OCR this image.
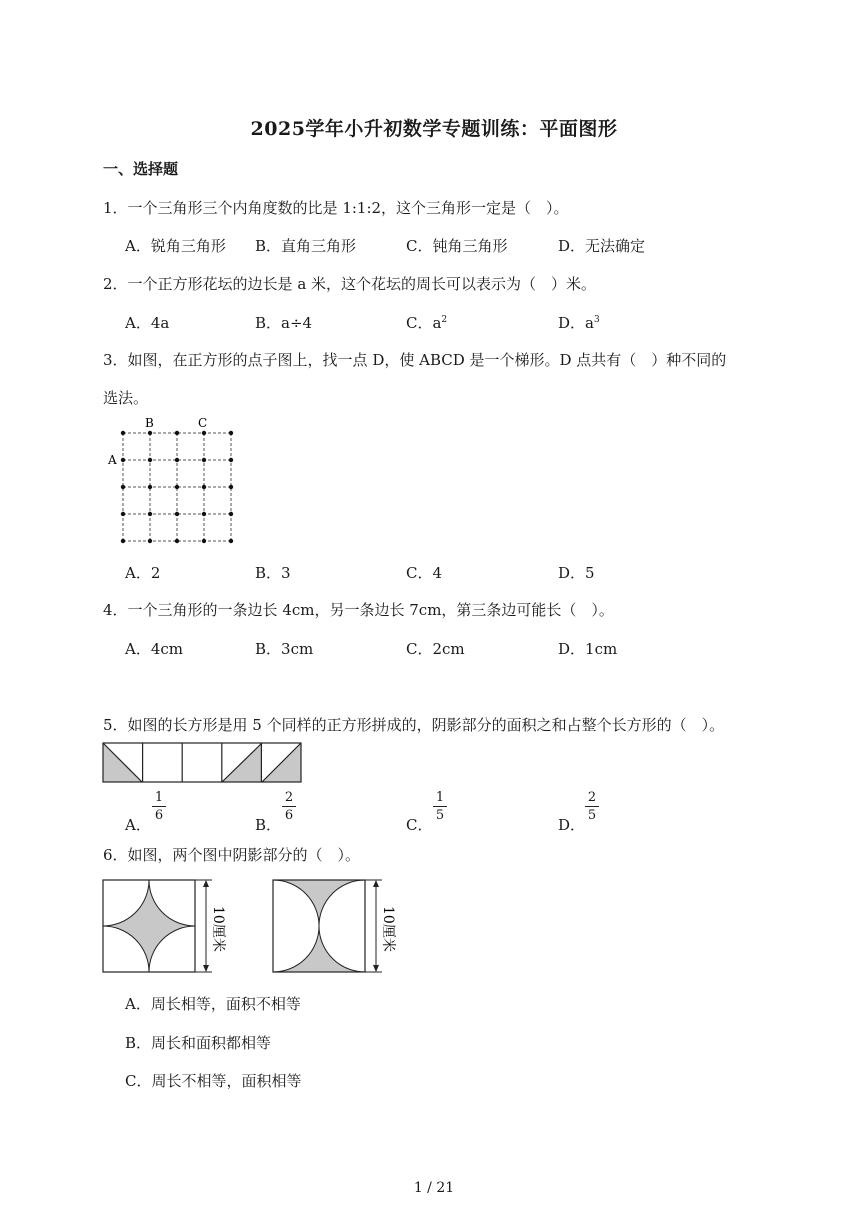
2025学年小升初数学专题训练：平面图形
一、选择题
1．一个三角形三个内角度数的比是 1:1:2，这个三角形一定是（　）。
A．锐角三角形 B．直角三角形	C．钝角三角形	D．无法确定
2．一个正方形花坛的边长是 a 米，这个花坛的周长可以表示为（　）米。
A．4a	B．a÷4	C．$a^2$	D．$a^3$
3．如图，在正方形的点子图上，找一点 D，使 ABCD 是一个梯形。D 点共有（　）种不同的
选法。
A
B	C
A．2	B．3	C．4	D．5
4．一个三角形的一条边长 4cm，另一条边长 7cm，第三条边可能长（　）。
A．4cm	B．3cm	C．2cm	D．1cm
5．如图的长方形是用 5 个同样的正方形拼成的，阴影部分的面积之和占整个长方形的（　）。
A．
1
6
B．
2
6
C．
1
5
D．
2
5
6．如图，两个图中阴影部分的（　）。
10厘米	10厘米
A．周长相等，面积不相等
B．周长和面积都相等
C．周长不相等，面积相等
1 / 21
